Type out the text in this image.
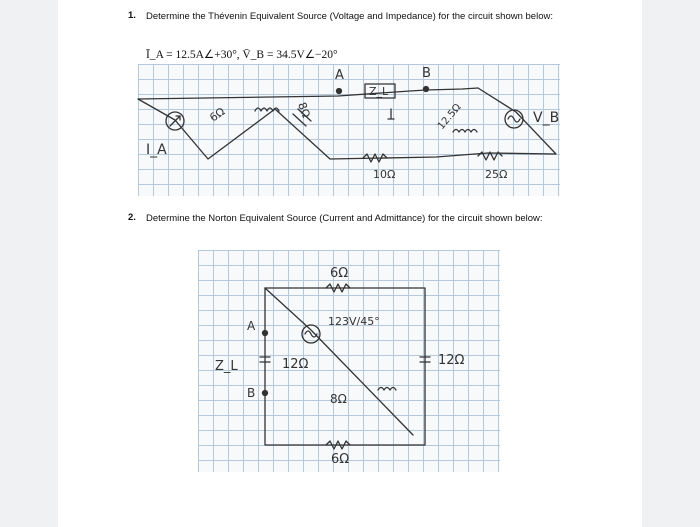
1. Determine the Thévenin Equivalent Source (Voltage and Impedance) for the circuit shown below:
Ī_A = 12.5A∠+30°, V̄_B = 34.5V∠−20°
A	B
Z_L
I_A
V_B
6Ω	8Ω
10Ω
12.5Ω
25Ω
2. Determine the Norton Equivalent Source (Current and Admittance) for the circuit shown below:
6Ω
123V/45°
A
B
Z_L	12Ω	12Ω
8Ω
6Ω
